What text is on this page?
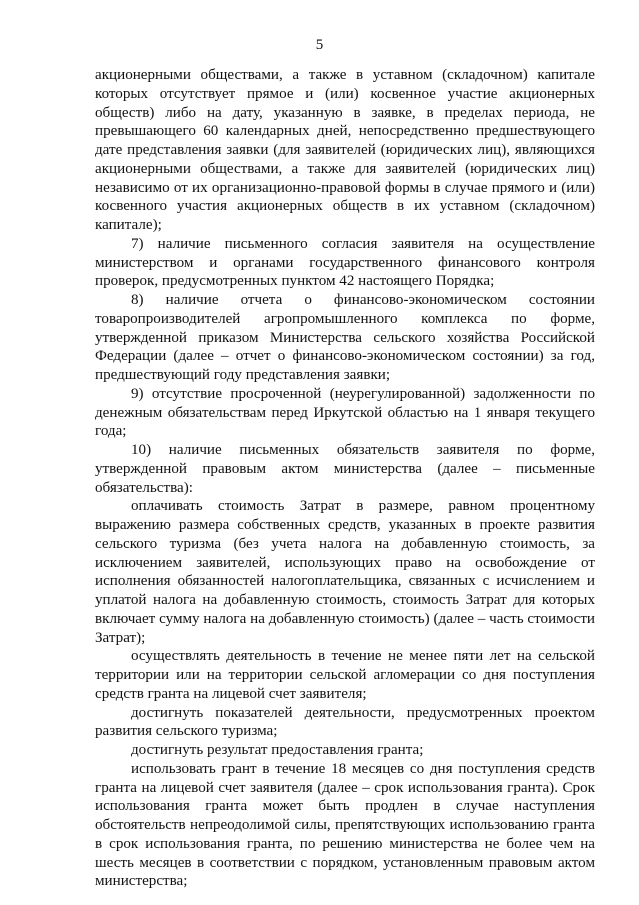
5

акционерными обществами, а также в уставном (складочном) капитале которых отсутствует прямое и (или) косвенное участие акционерных обществ) либо на дату, указанную в заявке, в пределах периода, не превышающего 60 календарных дней, непосредственно предшествующего дате представления заявки (для заявителей (юридических лиц), являющихся акционерными обществами, а также для заявителей (юридических лиц) независимо от их организационно-правовой формы в случае прямого и (или) косвенного участия акционерных обществ в их уставном (складочном) капитале);

7) наличие письменного согласия заявителя на осуществление министерством и органами государственного финансового контроля проверок, предусмотренных пунктом 42 настоящего Порядка;

8) наличие отчета о финансово-экономическом состоянии товаропроизводителей агропромышленного комплекса по форме, утвержденной приказом Министерства сельского хозяйства Российской Федерации (далее – отчет о финансово-экономическом состоянии) за год, предшествующий году представления заявки;

9) отсутствие просроченной (неурегулированной) задолженности по денежным обязательствам перед Иркутской областью на 1 января текущего года;

10) наличие письменных обязательств заявителя по форме, утвержденной правовым актом министерства (далее – письменные обязательства):

оплачивать стоимость Затрат в размере, равном процентному выражению размера собственных средств, указанных в проекте развития сельского туризма (без учета налога на добавленную стоимость, за исключением заявителей, использующих право на освобождение от исполнения обязанностей налогоплательщика, связанных с исчислением и уплатой налога на добавленную стоимость, стоимость Затрат для которых включает сумму налога на добавленную стоимость) (далее – часть стоимости Затрат);

осуществлять деятельность в течение не менее пяти лет на сельской территории или на территории сельской агломерации со дня поступления средств гранта на лицевой счет заявителя;

достигнуть показателей деятельности, предусмотренных проектом развития сельского туризма;

достигнуть результат предоставления гранта;

использовать грант в течение 18 месяцев со дня поступления средств гранта на лицевой счет заявителя (далее – срок использования гранта). Срок использования гранта может быть продлен в случае наступления обстоятельств непреодолимой силы, препятствующих использованию гранта в срок использования гранта, по решению министерства не более чем на шесть месяцев в соответствии с порядком, установленным правовым актом министерства;
